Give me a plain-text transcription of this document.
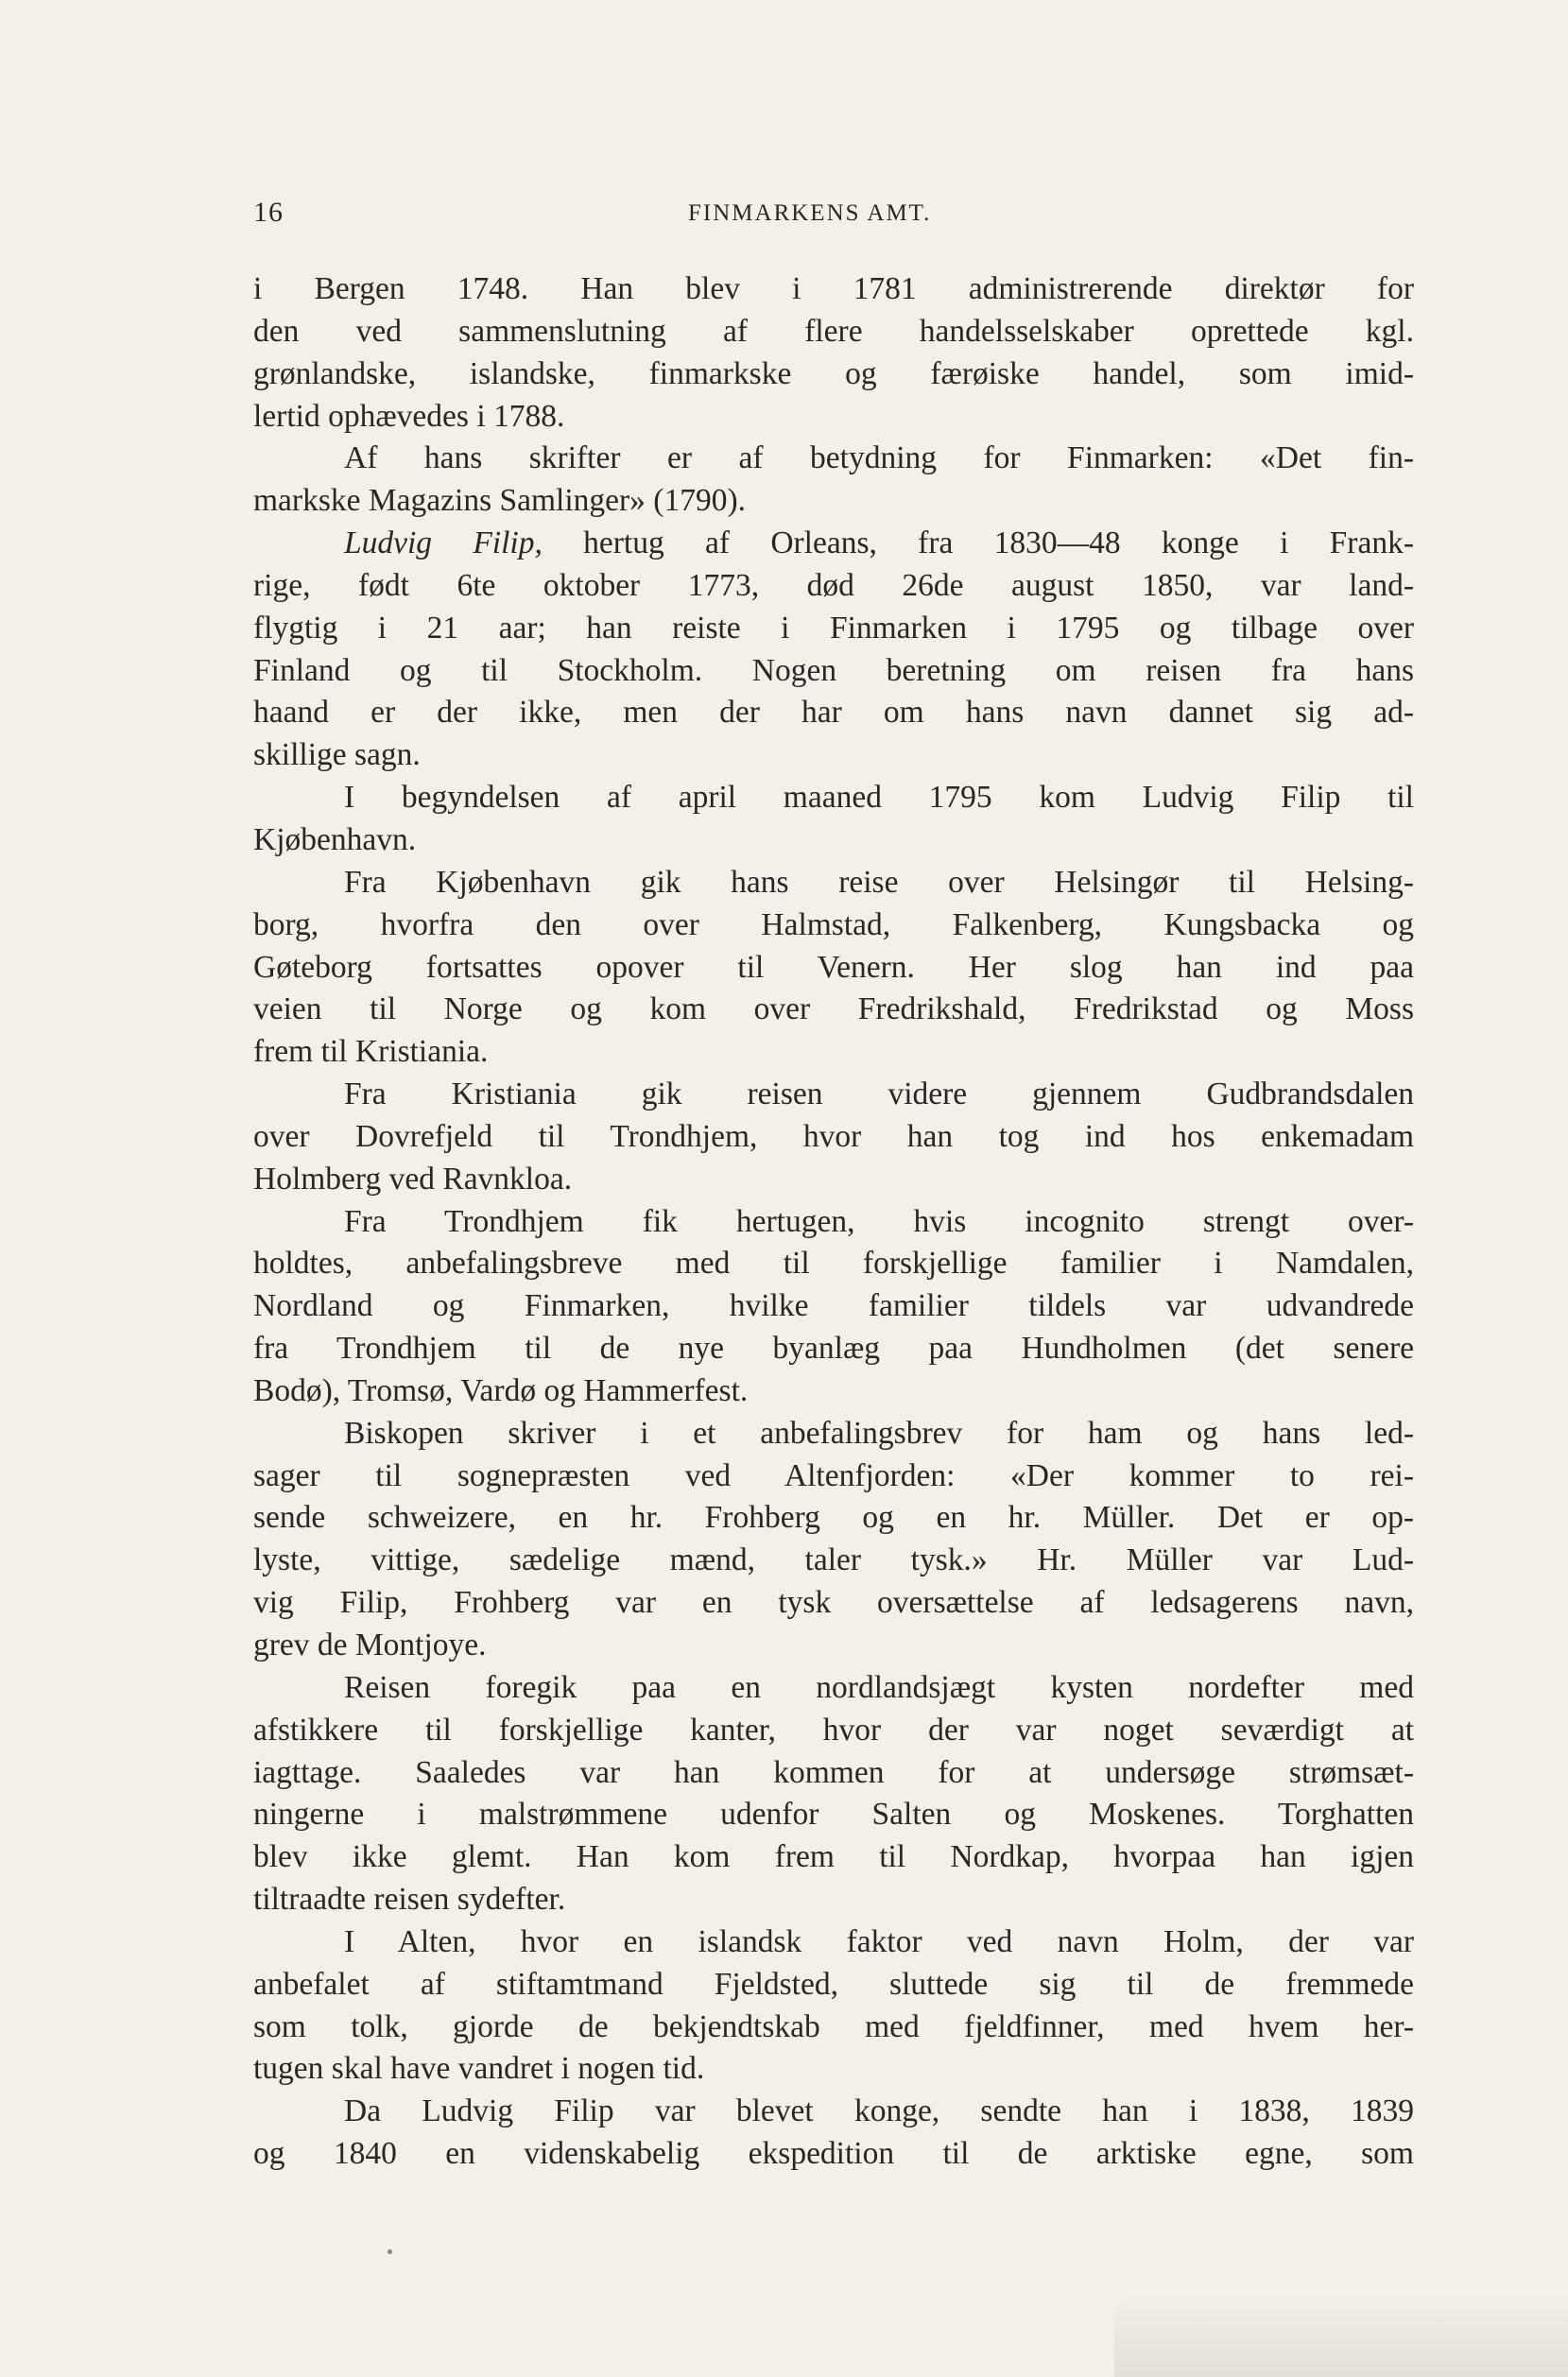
16	FINMARKENS AMT.
i Bergen 1748. Han blev i 1781 administrerende direktør for
den ved sammenslutning af flere handelsselskaber oprettede kgl.
grønlandske, islandske, finmarkske og færøiske handel, som imid-
lertid ophævedes i 1788.
Af hans skrifter er af betydning for Finmarken: «Det fin-
markske Magazins Samlinger» (1790).
Ludvig Filip, hertug af Orleans, fra 1830—48 konge i Frank-
rige, født 6te oktober 1773, død 26de august 1850, var land-
flygtig i 21 aar; han reiste i Finmarken i 1795 og tilbage over
Finland og til Stockholm. Nogen beretning om reisen fra hans
haand er der ikke, men der har om hans navn dannet sig ad-
skillige sagn.
I begyndelsen af april maaned 1795 kom Ludvig Filip til
Kjøbenhavn.
Fra Kjøbenhavn gik hans reise over Helsingør til Helsing-
borg, hvorfra den over Halmstad, Falkenberg, Kungsbacka og
Gøteborg fortsattes opover til Venern. Her slog han ind paa
veien til Norge og kom over Fredrikshald, Fredrikstad og Moss
frem til Kristiania.
Fra Kristiania gik reisen videre gjennem Gudbrandsdalen
over Dovrefjeld til Trondhjem, hvor han tog ind hos enkemadam
Holmberg ved Ravnkloa.
Fra Trondhjem fik hertugen, hvis incognito strengt over-
holdtes, anbefalingsbreve med til forskjellige familier i Namdalen,
Nordland og Finmarken, hvilke familier tildels var udvandrede
fra Trondhjem til de nye byanlæg paa Hundholmen (det senere
Bodø), Tromsø, Vardø og Hammerfest.
Biskopen skriver i et anbefalingsbrev for ham og hans led-
sager til sognepræsten ved Altenfjorden: «Der kommer to rei-
sende schweizere, en hr. Frohberg og en hr. Müller. Det er op-
lyste, vittige, sædelige mænd, taler tysk.» Hr. Müller var Lud-
vig Filip, Frohberg var en tysk oversættelse af ledsagerens navn,
grev de Montjoye.
Reisen foregik paa en nordlandsjægt kysten nordefter med
afstikkere til forskjellige kanter, hvor der var noget seværdigt at
iagttage. Saaledes var han kommen for at undersøge strømsæt-
ningerne i malstrømmene udenfor Salten og Moskenes. Torghatten
blev ikke glemt. Han kom frem til Nordkap, hvorpaa han igjen
tiltraadte reisen sydefter.
I Alten, hvor en islandsk faktor ved navn Holm, der var
anbefalet af stiftamtmand Fjeldsted, sluttede sig til de fremmede
som tolk, gjorde de bekjendtskab med fjeldfinner, med hvem her-
tugen skal have vandret i nogen tid.
Da Ludvig Filip var blevet konge, sendte han i 1838, 1839
og 1840 en videnskabelig ekspedition til de arktiske egne, som
